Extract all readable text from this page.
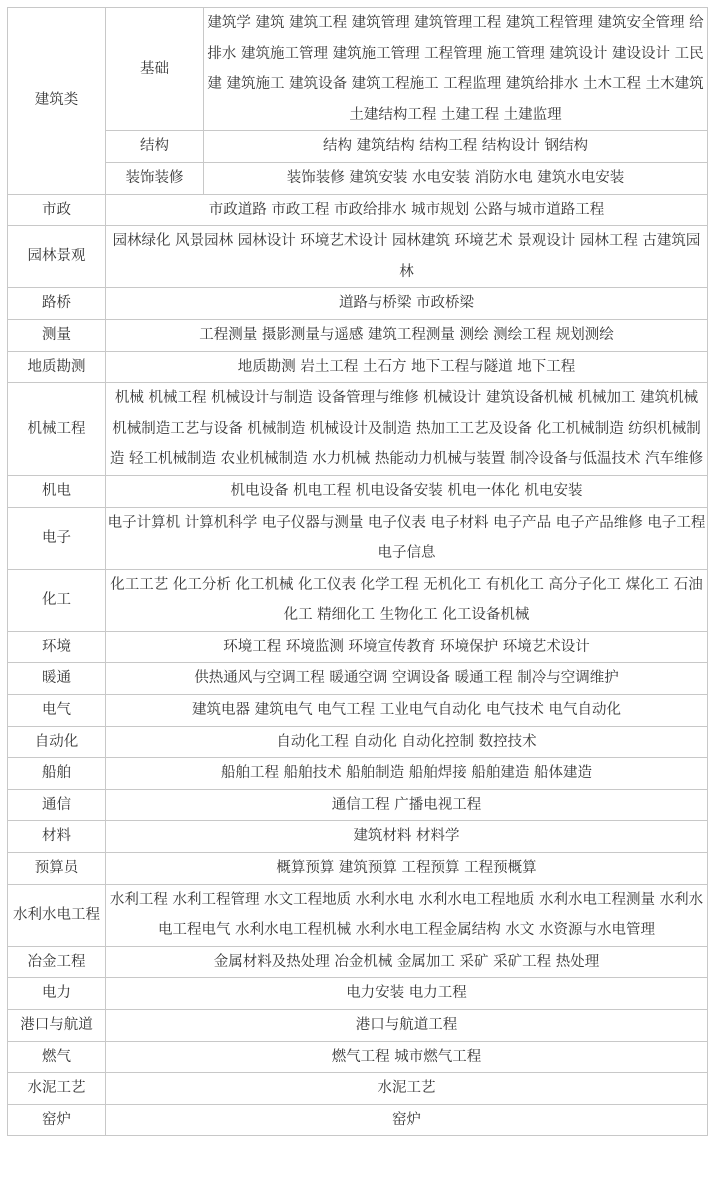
建筑类	基础	建筑学 建筑 建筑工程 建筑管理 建筑管理工程 建筑工程管理 建筑安全管理 给排水 建筑施工管理 建筑施工管理 工程管理 施工管理 建筑设计 建设设计 工民建 建筑施工 建筑设备 建筑工程施工 工程监理 建筑给排水 土木工程 土木建筑 土建结构工程 土建工程 土建监理
	结构	结构 建筑结构 结构工程 结构设计 钢结构
	装饰装修	装饰装修 建筑安装 水电安装 消防水电 建筑水电安装
市政	市政道路 市政工程 市政给排水 城市规划 公路与城市道路工程	
园林景观	园林绿化 风景园林 园林设计 环境艺术设计 园林建筑 环境艺术 景观设计 园林工程 古建筑园林	
路桥	道路与桥梁 市政桥梁	
测量	工程测量 摄影测量与遥感 建筑工程测量 测绘 测绘工程 规划测绘	
地质勘测	地质勘测 岩土工程 土石方 地下工程与隧道 地下工程	
机械工程	机械 机械工程 机械设计与制造 设备管理与维修 机械设计 建筑设备机械 机械加工 建筑机械 机械制造工艺与设备 机械制造 机械设计及制造 热加工工艺及设备 化工机械制造 纺织机械制造 轻工机械制造 农业机械制造 水力机械 热能动力机械与装置 制冷设备与低温技术 汽车维修	
机电	机电设备 机电工程 机电设备安装 机电一体化 机电安装	
电子	电子计算机 计算机科学 电子仪器与测量 电子仪表 电子材料 电子产品 电子产品维修 电子工程 电子信息	
化工	化工工艺 化工分析 化工机械 化工仪表 化学工程 无机化工 有机化工 高分子化工 煤化工 石油化工 精细化工 生物化工 化工设备机械	
环境	环境工程 环境监测 环境宣传教育 环境保护 环境艺术设计	
暖通	供热通风与空调工程 暖通空调 空调设备 暖通工程 制冷与空调维护	
电气	建筑电器 建筑电气 电气工程 工业电气自动化 电气技术 电气自动化	
自动化	自动化工程 自动化 自动化控制 数控技术	
船舶	船舶工程 船舶技术 船舶制造 船舶焊接 船舶建造 船体建造	
通信	通信工程 广播电视工程	
材料	建筑材料 材料学	
预算员	概算预算 建筑预算 工程预算 工程预概算	
水利水电工程	水利工程 水利工程管理 水文工程地质 水利水电 水利水电工程地质 水利水电工程测量 水利水电工程电气 水利水电工程机械 水利水电工程金属结构 水文 水资源与水电管理	
冶金工程	金属材料及热处理 冶金机械 金属加工 采矿 采矿工程 热处理	
电力	电力安装 电力工程	
港口与航道	港口与航道工程	
燃气	燃气工程 城市燃气工程	
水泥工艺	水泥工艺	
窑炉	窑炉	
